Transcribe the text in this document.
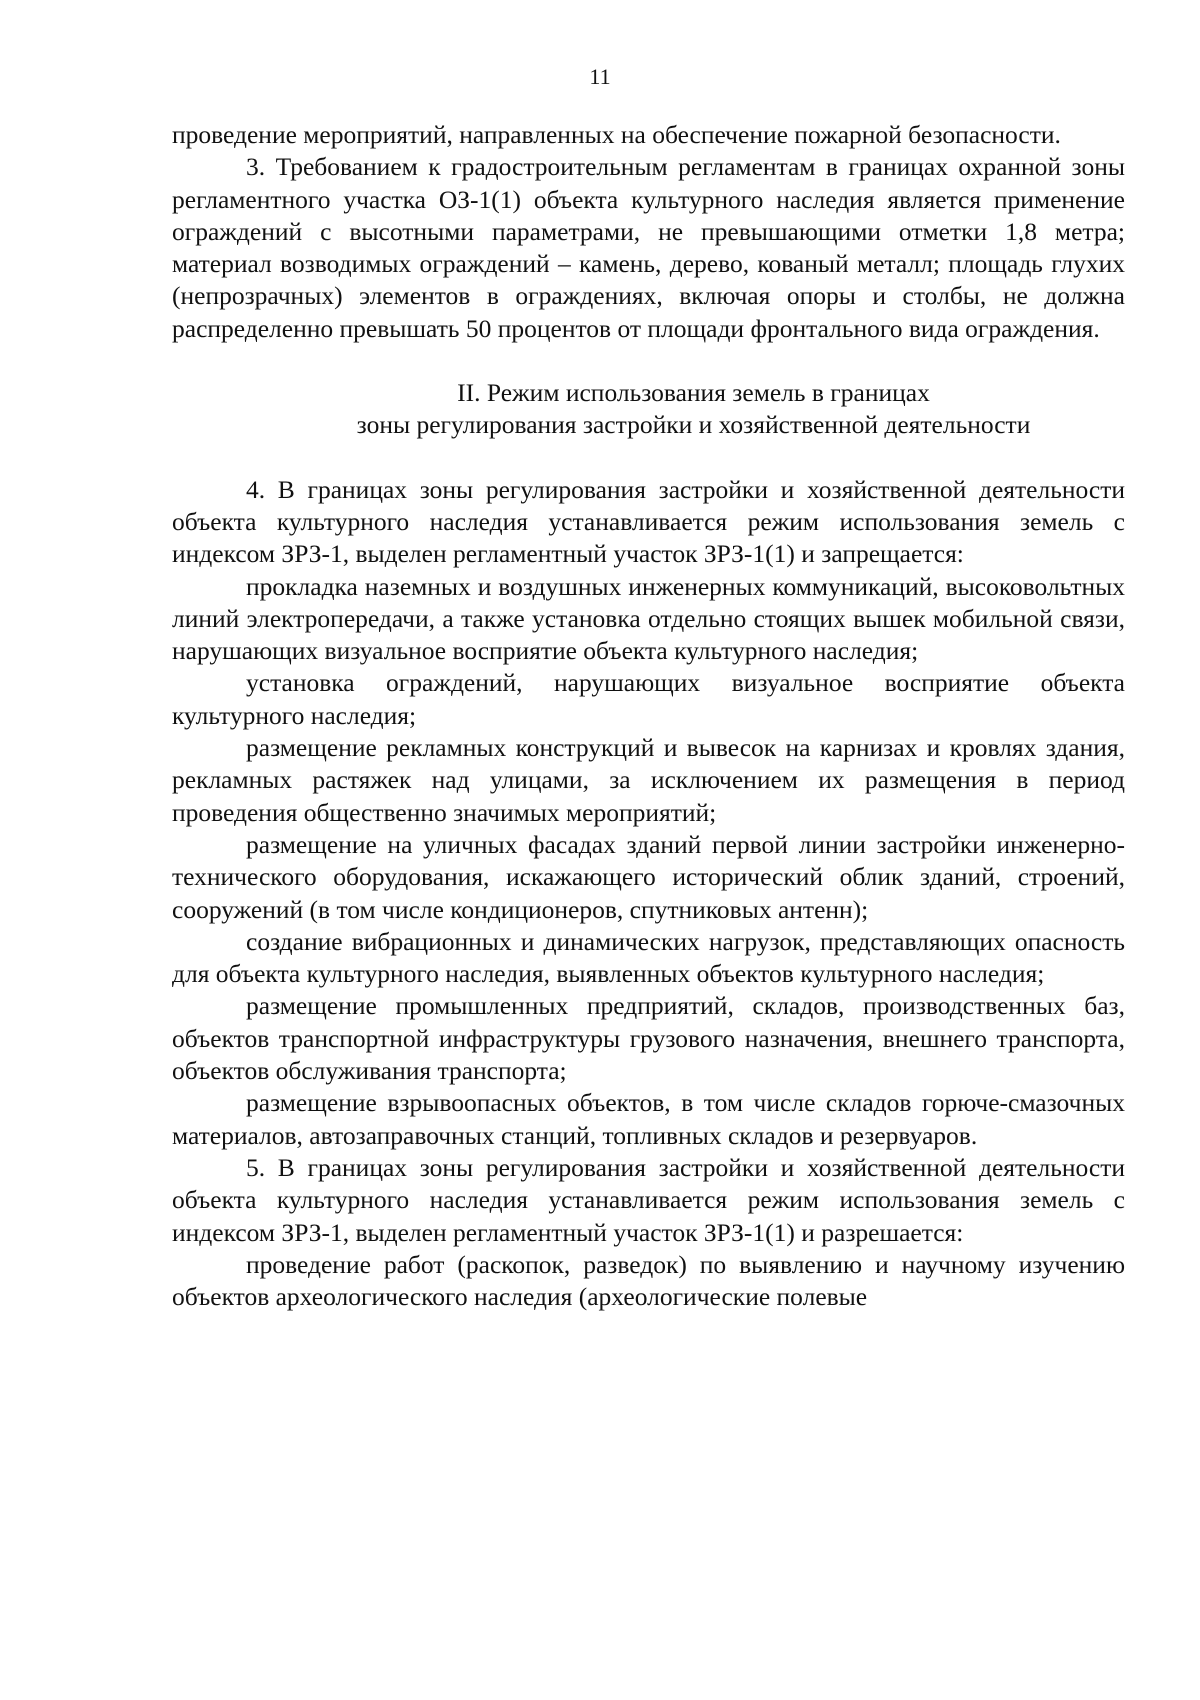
11

проведение мероприятий, направленных на обеспечение пожарной безопасности.

3. Требованием к градостроительным регламентам в границах охранной зоны регламентного участка ОЗ-1(1) объекта культурного наследия является применение ограждений с высотными параметрами, не превышающими отметки 1,8 метра; материал возводимых ограждений – камень, дерево, кованый металл; площадь глухих (непрозрачных) элементов в ограждениях, включая опоры и столбы, не должна распределенно превышать 50 процентов от площади фронтального вида ограждения.

II. Режим использования земель в границах
зоны регулирования застройки и хозяйственной деятельности

4. В границах зоны регулирования застройки и хозяйственной деятельности объекта культурного наследия устанавливается режим использования земель с индексом ЗРЗ-1, выделен регламентный участок ЗРЗ-1(1) и запрещается:

прокладка наземных и воздушных инженерных коммуникаций, высоковольтных линий электропередачи, а также установка отдельно стоящих вышек мобильной связи, нарушающих визуальное восприятие объекта культурного наследия;

установка ограждений, нарушающих визуальное восприятие объекта культурного наследия;

размещение рекламных конструкций и вывесок на карнизах и кровлях здания, рекламных растяжек над улицами, за исключением их размещения в период проведения общественно значимых мероприятий;

размещение на уличных фасадах зданий первой линии застройки инженерно-технического оборудования, искажающего исторический облик зданий, строений, сооружений (в том числе кондиционеров, спутниковых антенн);

создание вибрационных и динамических нагрузок, представляющих опасность для объекта культурного наследия, выявленных объектов культурного наследия;

размещение промышленных предприятий, складов, производственных баз, объектов транспортной инфраструктуры грузового назначения, внешнего транспорта, объектов обслуживания транспорта;

размещение взрывоопасных объектов, в том числе складов горюче-смазочных материалов, автозаправочных станций, топливных складов и резервуаров.

5. В границах зоны регулирования застройки и хозяйственной деятельности объекта культурного наследия устанавливается режим использования земель с индексом ЗРЗ-1, выделен регламентный участок ЗРЗ-1(1) и разрешается:

проведение работ (раскопок, разведок) по выявлению и научному изучению объектов археологического наследия (археологические полевые
